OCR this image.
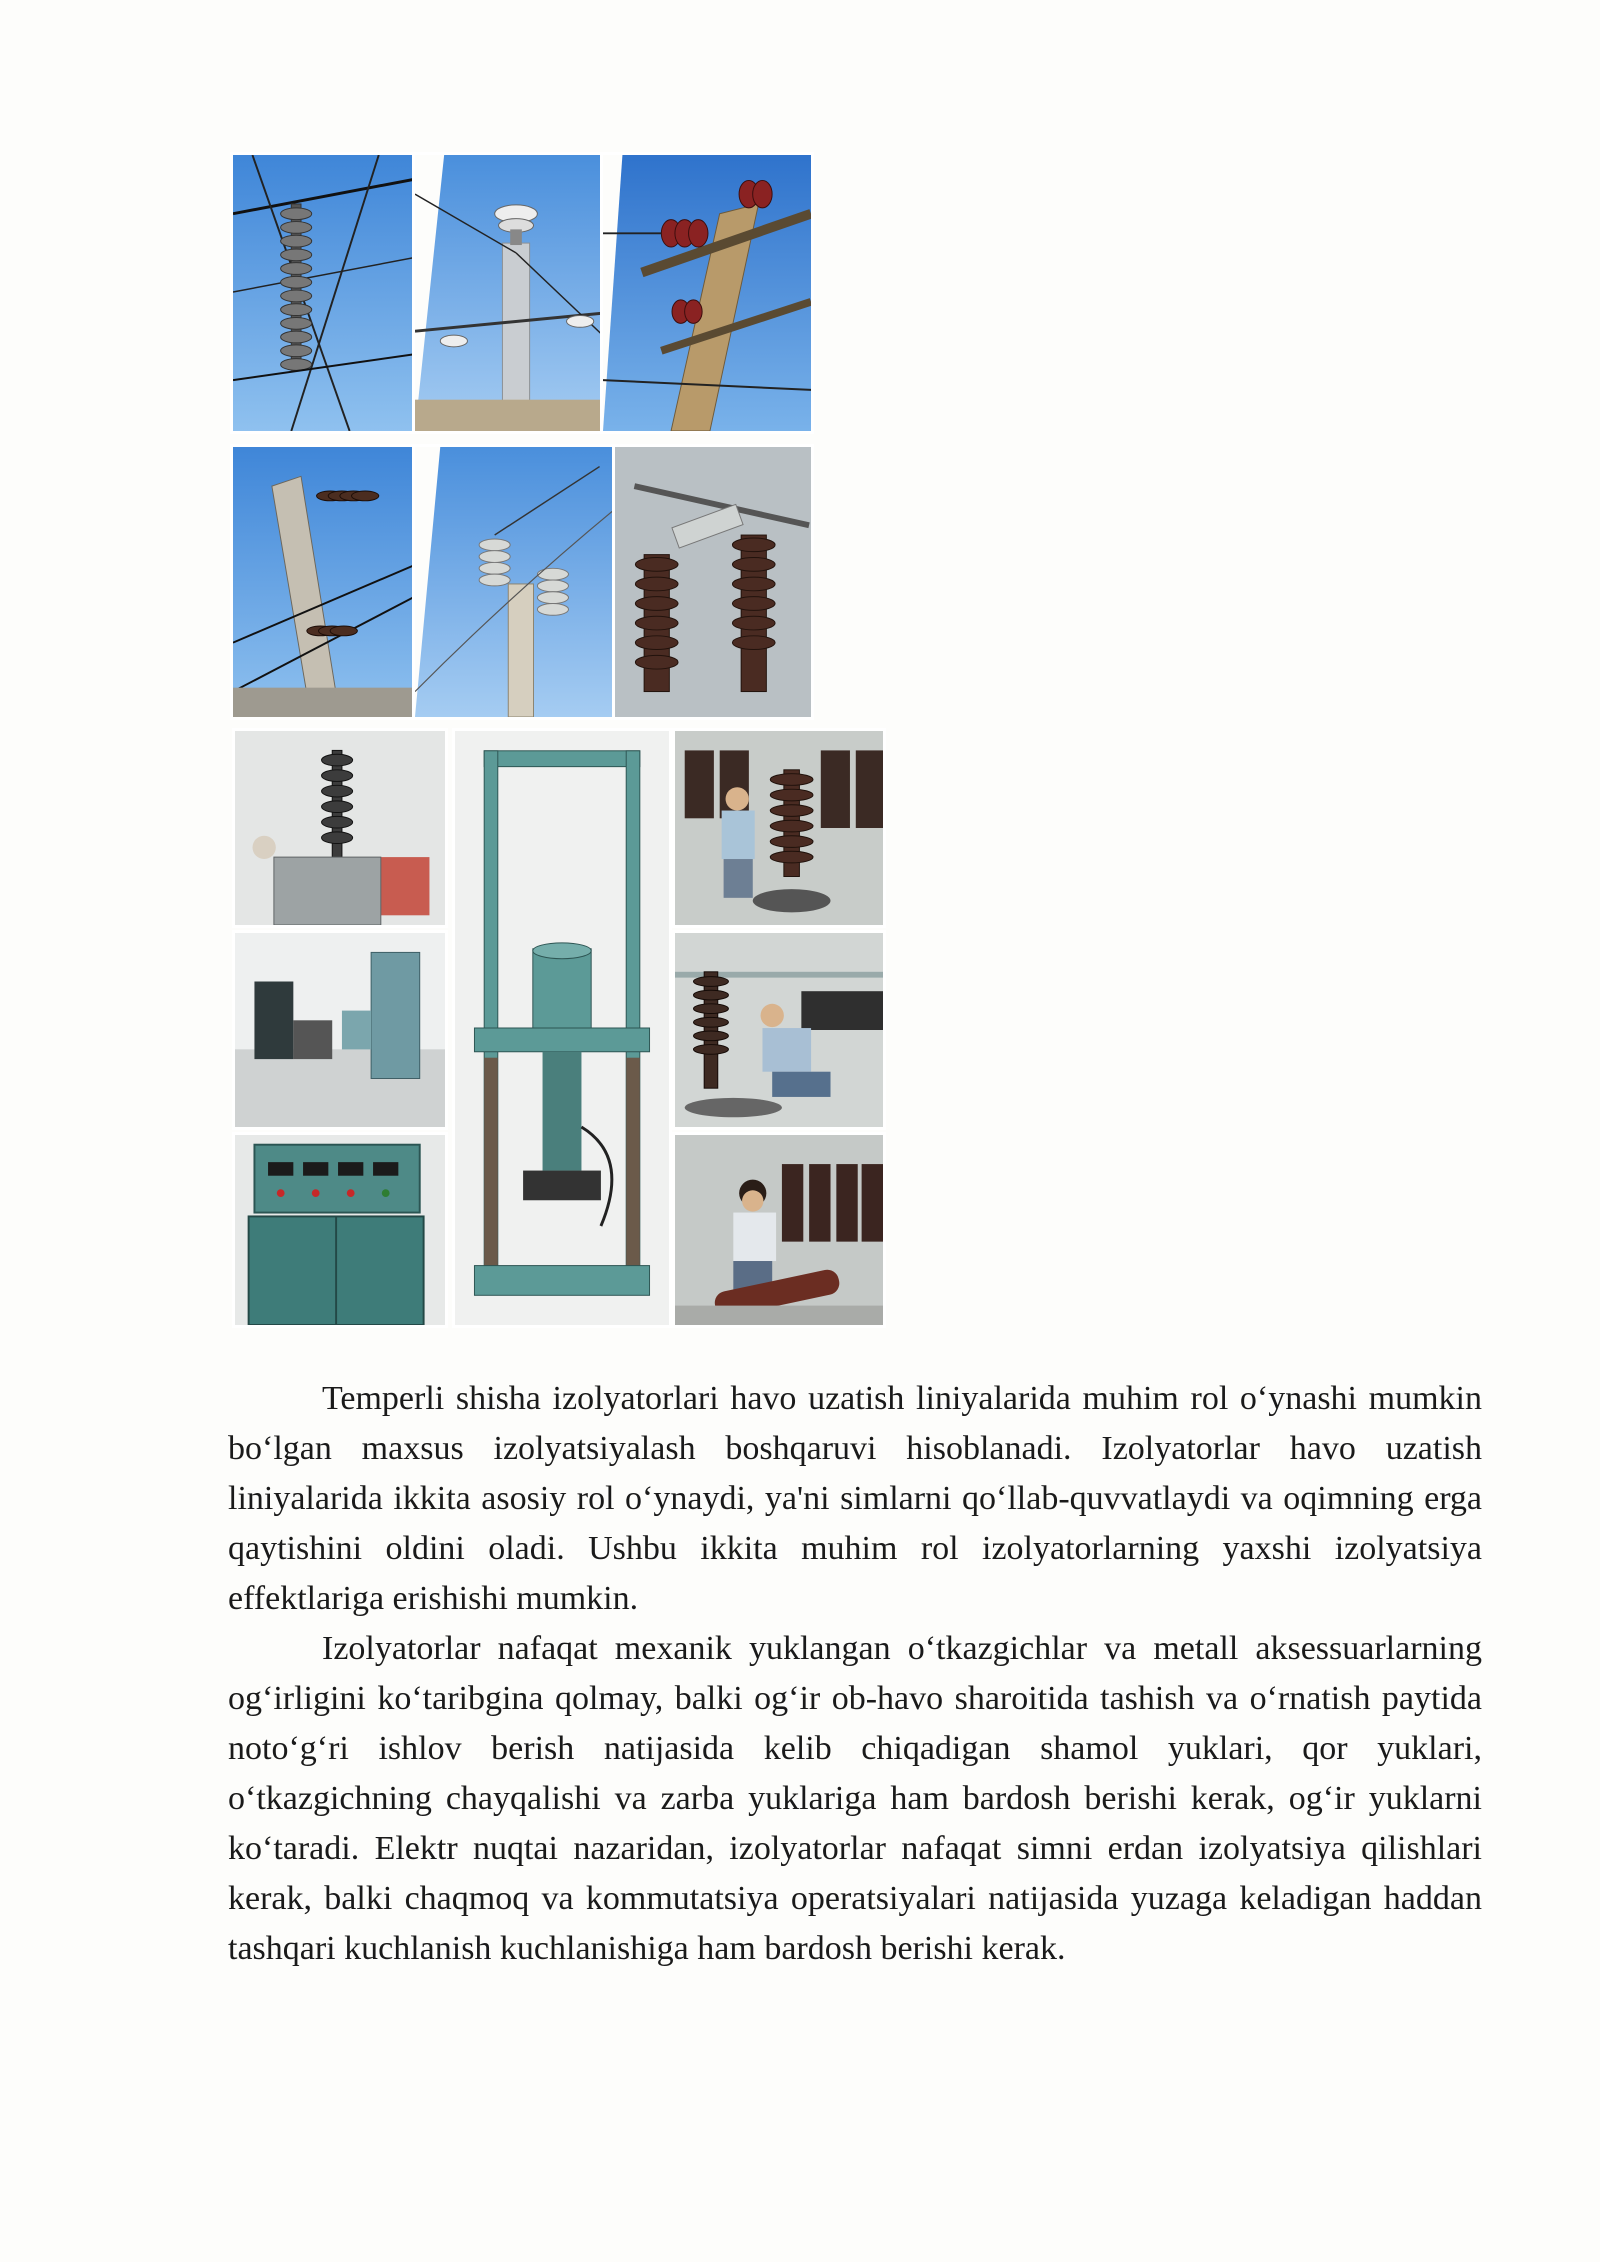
Temperli shisha izolyatorlari havo uzatish liniyalarida muhim rol o‘ynashi mumkin bo‘lgan maxsus izolyatsiyalash boshqaruvi hisoblanadi. Izolyatorlar havo uzatish liniyalarida ikkita asosiy rol o‘ynaydi, ya'ni simlarni qo‘llab-quvvatlaydi va oqimning erga qaytishini oldini oladi. Ushbu ikkita muhim rol izolyatorlarning yaxshi izolyatsiya effektlariga erishishi mumkin.

Izolyatorlar nafaqat mexanik yuklangan o‘tkazgichlar va metall aksessuarlarning og‘irligini ko‘taribgina qolmay, balki og‘ir ob-havo sharoitida tashish va o‘rnatish paytida noto‘g‘ri ishlov berish natijasida kelib chiqadigan shamol yuklari, qor yuklari, o‘tkazgichning chayqalishi va zarba yuklariga ham bardosh berishi kerak, og‘ir yuklarni ko‘taradi. Elektr nuqtai nazaridan, izolyatorlar nafaqat simni erdan izolyatsiya qilishlari kerak, balki chaqmoq va kommutatsiya operatsiyalari natijasida yuzaga keladigan haddan tashqari kuchlanish kuchlanishiga ham bardosh berishi kerak.
